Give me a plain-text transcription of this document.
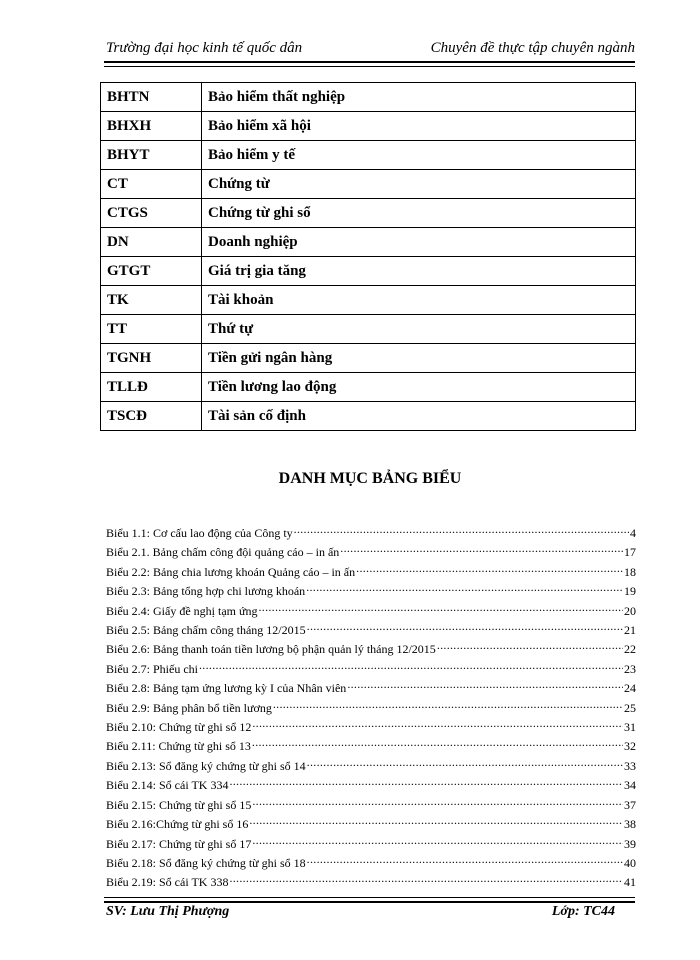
Trường đại học kinh tế quốc dân	Chuyên đề thực tập chuyên ngành
BHTN	Bảo hiểm thất nghiệp
BHXH	Bảo hiểm xã hội
BHYT	Bảo hiểm y tế
CT	Chứng từ
CTGS	Chứng từ ghi sổ
DN	Doanh nghiệp
GTGT	Giá trị gia tăng
TK	Tài khoản
TT	Thứ tự
TGNH	Tiền gửi ngân hàng
TLLĐ	Tiền lương lao động
TSCĐ	Tài sản cố định
DANH MỤC BẢNG BIỂU
Biểu 1.1: Cơ cấu lao động của Công ty .....	4
Biểu 2.1. Bảng chấm công đội quảng cáo – in ấn .....	17
Biểu 2.2: Bảng chia lương khoán Quảng cáo – in ấn .....	18
Biểu 2.3: Bảng tổng hợp chi lương khoán .....	19
Biểu 2.4: Giấy đề nghị tạm ứng .....	20
Biểu 2.5: Bảng chấm công tháng 12/2015 .....	21
Biểu 2.6: Bảng thanh toán tiền lương bộ phận quản lý tháng 12/2015 .....	22
Biểu 2.7: Phiếu chi .....	23
Biểu 2.8: Bảng tạm ứng lương kỳ I của Nhân viên .....	24
Biểu 2.9: Bảng phân bổ tiền lương .....	25
Biểu 2.10: Chứng từ ghi sổ 12 .....	31
Biểu 2.11: Chứng từ ghi sổ 13 .....	32
Biểu 2.13: Sổ đăng ký chứng từ ghi sổ 14 .....	33
Biểu 2.14: Sổ cái TK 334 .....	34
Biểu 2.15: Chứng từ ghi sổ 15 .....	37
Biểu 2.16:Chứng từ ghi sổ 16 .....	38
Biểu 2.17: Chứng từ ghi sổ 17 .....	39
Biểu 2.18: Sổ đăng ký chứng từ ghi sổ 18 .....	40
Biểu 2.19: Sổ cái TK 338 .....	41
SV: Lưu Thị Phượng	Lớp: TC44
